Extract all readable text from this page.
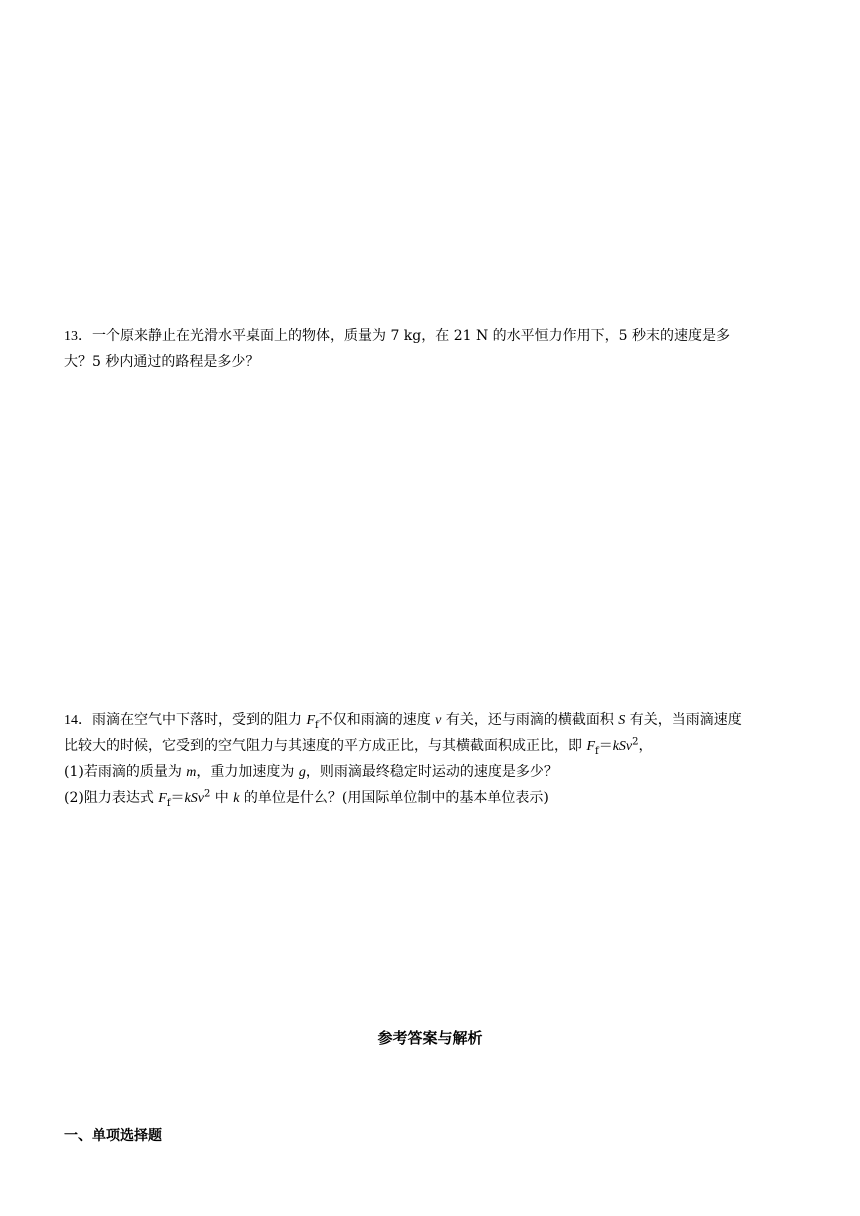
13．一个原来静止在光滑水平桌面上的物体，质量为 7 kg，在 21 N 的水平恒力作用下，5 秒末的速度是多
大？5 秒内通过的路程是多少？
14．雨滴在空气中下落时，受到的阻力 $F_f$不仅和雨滴的速度 v 有关，还与雨滴的横截面积 S 有关，当雨滴速度
比较大的时候，它受到的空气阻力与其速度的平方成正比，与其横截面积成正比，即 $F_f=kSv^2$，
(1)若雨滴的质量为 m，重力加速度为 g，则雨滴最终稳定时运动的速度是多少？
(2)阻力表达式 $F_f=kSv^2$ 中 k 的单位是什么？(用国际单位制中的基本单位表示)
参考答案与解析
一、单项选择题
